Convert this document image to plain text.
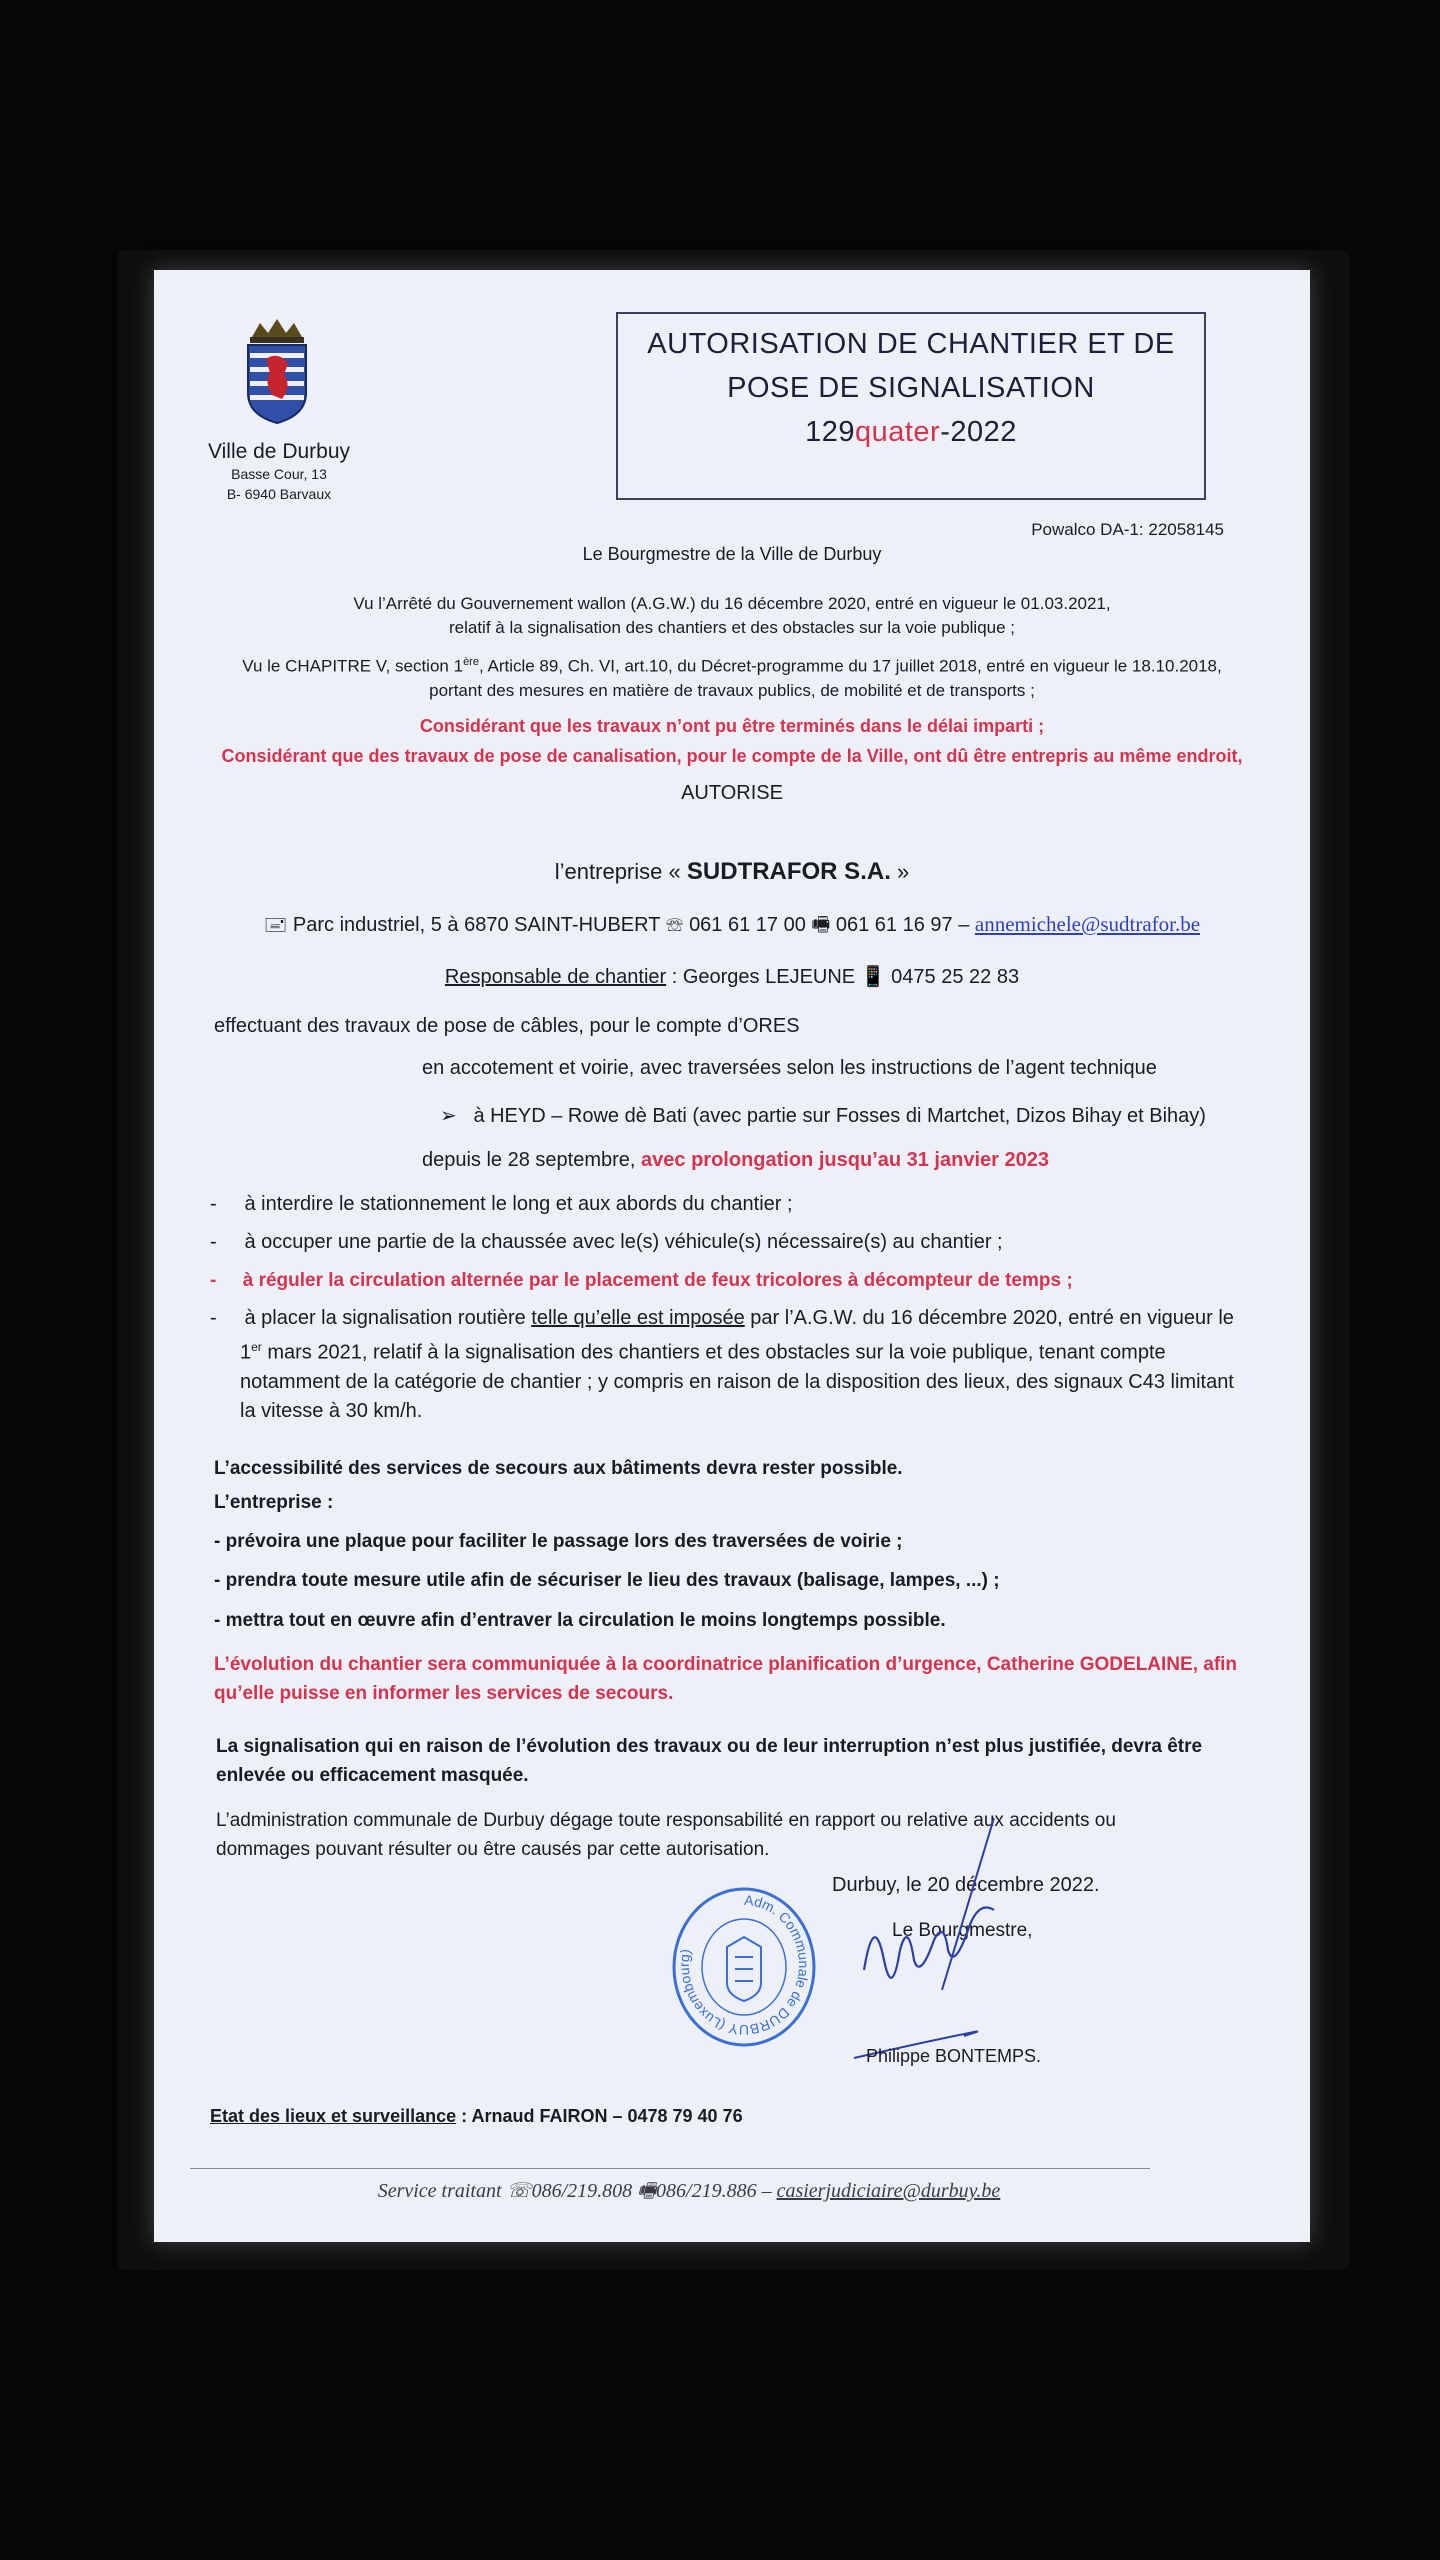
Ville de Durbuy
Basse Cour, 13
B- 6940 Barvaux
AUTORISATION DE CHANTIER ET DE
POSE DE SIGNALISATION
129quater-2022
Powalco DA-1: 22058145
Le Bourgmestre de la Ville de Durbuy
Vu l’Arrêté du Gouvernement wallon (A.G.W.) du 16 décembre 2020, entré en vigueur le 01.03.2021,
relatif à la signalisation des chantiers et des obstacles sur la voie publique ;
Vu le CHAPITRE V, section 1ère, Article 89, Ch. VI, art.10, du Décret-programme du 17 juillet 2018, entré en vigueur le 18.10.2018,
portant des mesures en matière de travaux publics, de mobilité et de transports ;
Considérant que les travaux n’ont pu être terminés dans le délai imparti ;
Considérant que des travaux de pose de canalisation, pour le compte de la Ville, ont dû être entrepris au même endroit,
AUTORISE
l’entreprise « SUDTRAFOR S.A. »
🖃 Parc industriel, 5 à 6870 SAINT-HUBERT ☏ 061 61 17 00 🖷 061 61 16 97 – annemichele@sudtrafor.be
Responsable de chantier : Georges LEJEUNE 📱 0475 25 22 83
effectuant des travaux de pose de câbles, pour le compte d’ORES
en accotement et voirie, avec traversées selon les instructions de l’agent technique
➢ à HEYD – Rowe dè Bati (avec partie sur Fosses di Martchet, Dizos Bihay et Bihay)
depuis le 28 septembre, avec prolongation jusqu’au 31 janvier 2023
-     à interdire le stationnement le long et aux abords du chantier ;
-     à occuper une partie de la chaussée avec le(s) véhicule(s) nécessaire(s) au chantier ;
-     à réguler la circulation alternée par le placement de feux tricolores à décompteur de temps ;
-     à placer la signalisation routière telle qu’elle est imposée par l’A.G.W. du 16 décembre 2020, entré en vigueur le
1er mars 2021, relatif à la signalisation des chantiers et des obstacles sur la voie publique, tenant compte
notamment de la catégorie de chantier ; y compris en raison de la disposition des lieux, des signaux C43 limitant
la vitesse à 30 km/h.
L’accessibilité des services de secours aux bâtiments devra rester possible.
L’entreprise :
- prévoira une plaque pour faciliter le passage lors des traversées de voirie ;
- prendra toute mesure utile afin de sécuriser le lieu des travaux (balisage, lampes, ...) ;
- mettra tout en œuvre afin d’entraver la circulation le moins longtemps possible.
L’évolution du chantier sera communiquée à la coordinatrice planification d’urgence, Catherine GODELAINE, afin
qu’elle puisse en informer les services de secours.
La signalisation qui en raison de l’évolution des travaux ou de leur interruption n’est plus justifiée, devra être
enlevée ou efficacement masquée.
L’administration communale de Durbuy dégage toute responsabilité en rapport ou relative aux accidents ou
dommages pouvant résulter ou être causés par cette autorisation.
Durbuy, le 20 décembre 2022.
Le Bourgmestre,
Adm. Communale de DURBUY (Luxembourg)
Philippe BONTEMPS.
Etat des lieux et surveillance : Arnaud FAIRON – 0478 79 40 76
Service traitant ☏086/219.808 🖷086/219.886 – casierjudiciaire@durbuy.be
